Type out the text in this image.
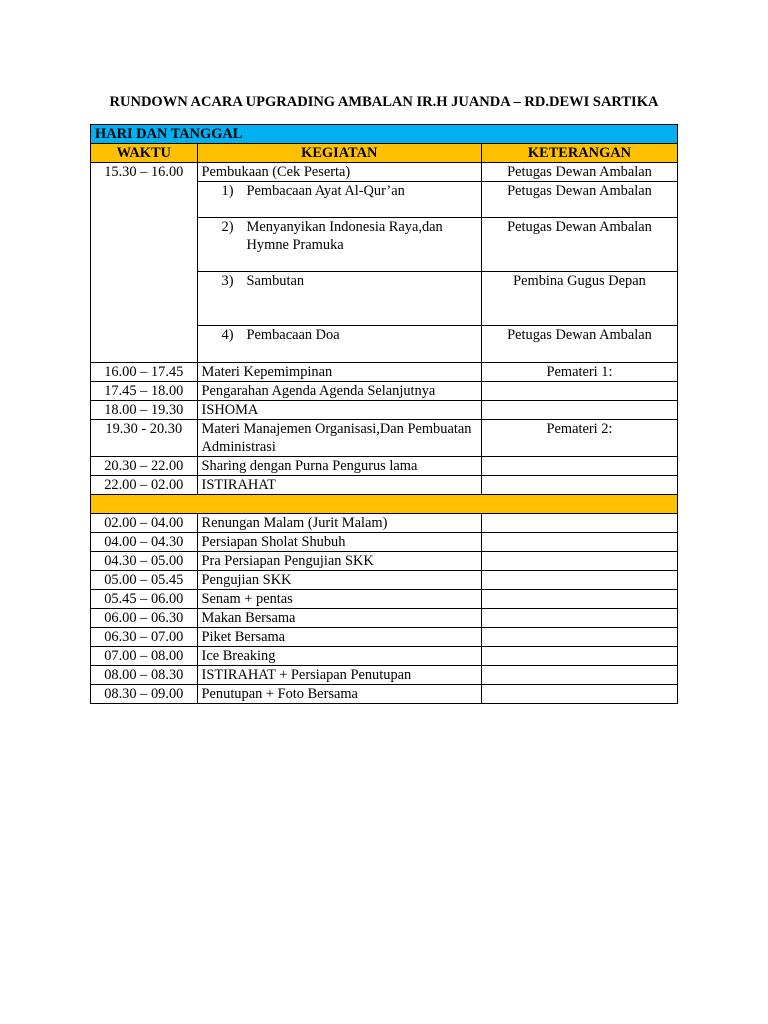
RUNDOWN ACARA UPGRADING AMBALAN IR.H JUANDA – RD.DEWI SARTIKA
HARI DAN TANGGAL		
WAKTU	KEGIATAN	KETERANGAN
15.30 – 16.00	Pembukaan (Cek Peserta)	Petugas Dewan Ambalan

	1) Pembacaan Ayat Al-Qur’an	Petugas Dewan Ambalan

	2) Menyanyikan Indonesia Raya,dan Hymne Pramuka	Petugas Dewan Ambalan

	3) Sambutan	Pembina Gugus Depan

	4) Pembacaan Doa	Petugas Dewan Ambalan
16.00 – 17.45	Materi Kepemimpinan	Pemateri 1:
17.45 – 18.00	Pengarahan Agenda Agenda Selanjutnya	
18.00 – 19.30	ISHOMA	
19.30 - 20.30	Materi Manajemen Organisasi,Dan Pembuatan Administrasi	Pemateri 2:
20.30 – 22.00	Sharing dengan Purna Pengurus lama	
22.00 – 02.00	ISTIRAHAT	

02.00 – 04.00	Renungan Malam (Jurit Malam)	
04.00 – 04.30	Persiapan Sholat Shubuh	
04.30 – 05.00	Pra Persiapan Pengujian SKK	
05.00 – 05.45	Pengujian SKK	
05.45 – 06.00	Senam + pentas	
06.00 – 06.30	Makan Bersama	
06.30 – 07.00	Piket Bersama	
07.00 – 08.00	Ice Breaking	
08.00 – 08.30	ISTIRAHAT + Persiapan Penutupan	
08.30 – 09.00	Penutupan + Foto Bersama	
